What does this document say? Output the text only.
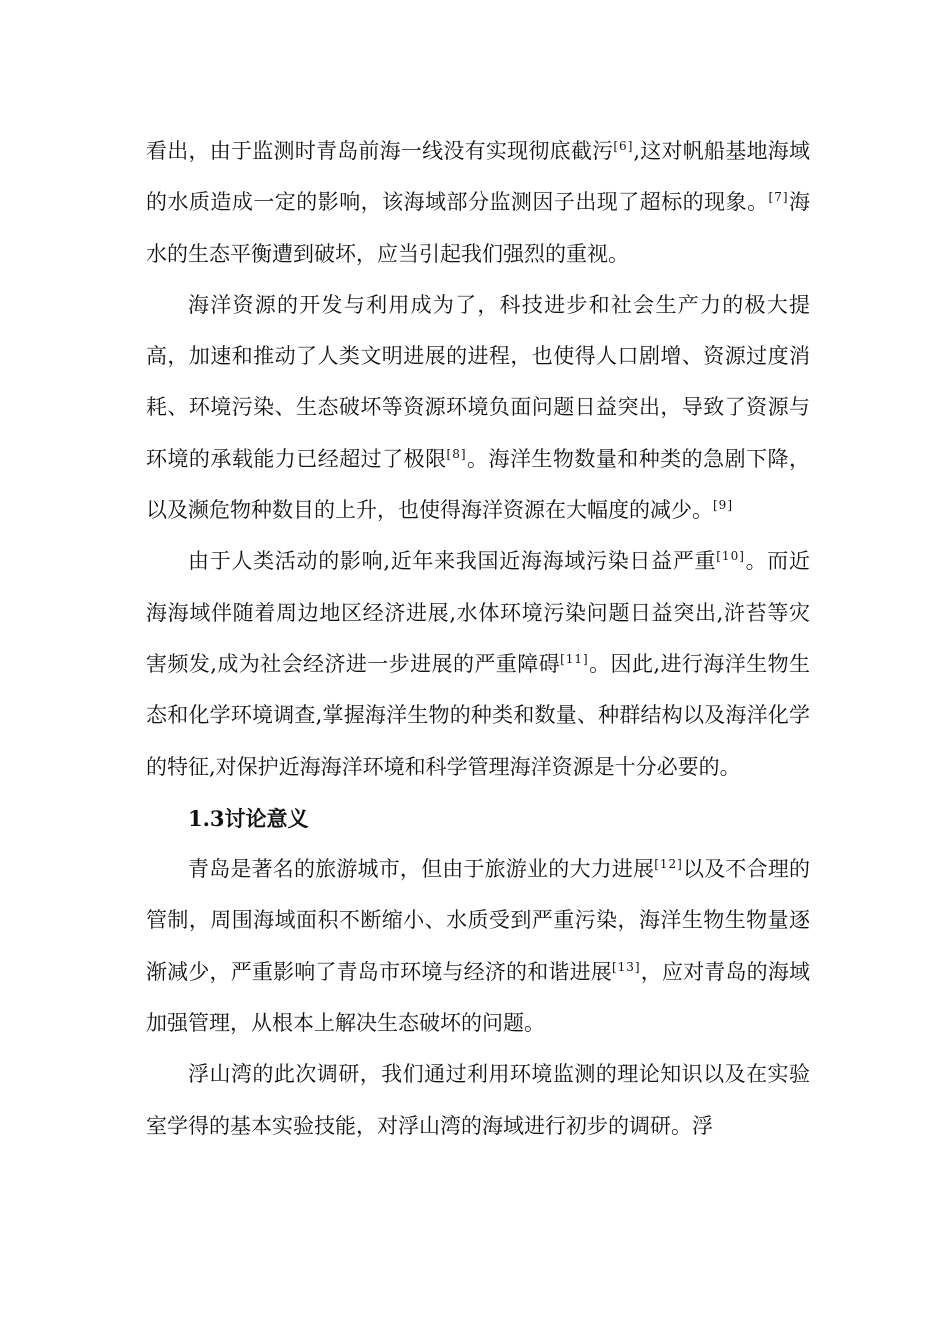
看出，由于监测时青岛前海一线没有实现彻底截污[6],这对帆船基地海域的水质造成一定的影响，该海域部分监测因子出现了超标的现象。[7]海水的生态平衡遭到破坏，应当引起我们强烈的重视。

海洋资源的开发与利用成为了，科技进步和社会生产力的极大提高，加速和推动了人类文明进展的进程，也使得人口剧增、资源过度消耗、环境污染、生态破坏等资源环境负面问题日益突出，导致了资源与环境的承载能力已经超过了极限[8]。海洋生物数量和种类的急剧下降，以及濒危物种数目的上升，也使得海洋资源在大幅度的减少。[9]

由于人类活动的影响,近年来我国近海海域污染日益严重[10]。而近海海域伴随着周边地区经济进展,水体环境污染问题日益突出,浒苔等灾害频发,成为社会经济进一步进展的严重障碍[11]。因此,进行海洋生物生态和化学环境调查,掌握海洋生物的种类和数量、种群结构以及海洋化学的特征,对保护近海海洋环境和科学管理海洋资源是十分必要的。

1.3讨论意义

青岛是著名的旅游城市，但由于旅游业的大力进展[12]以及不合理的管制，周围海域面积不断缩小、水质受到严重污染，海洋生物生物量逐渐减少，严重影响了青岛市环境与经济的和谐进展[13]，应对青岛的海域加强管理，从根本上解决生态破坏的问题。

浮山湾的此次调研，我们通过利用环境监测的理论知识以及在实验室学得的基本实验技能，对浮山湾的海域进行初步的调研。浮
